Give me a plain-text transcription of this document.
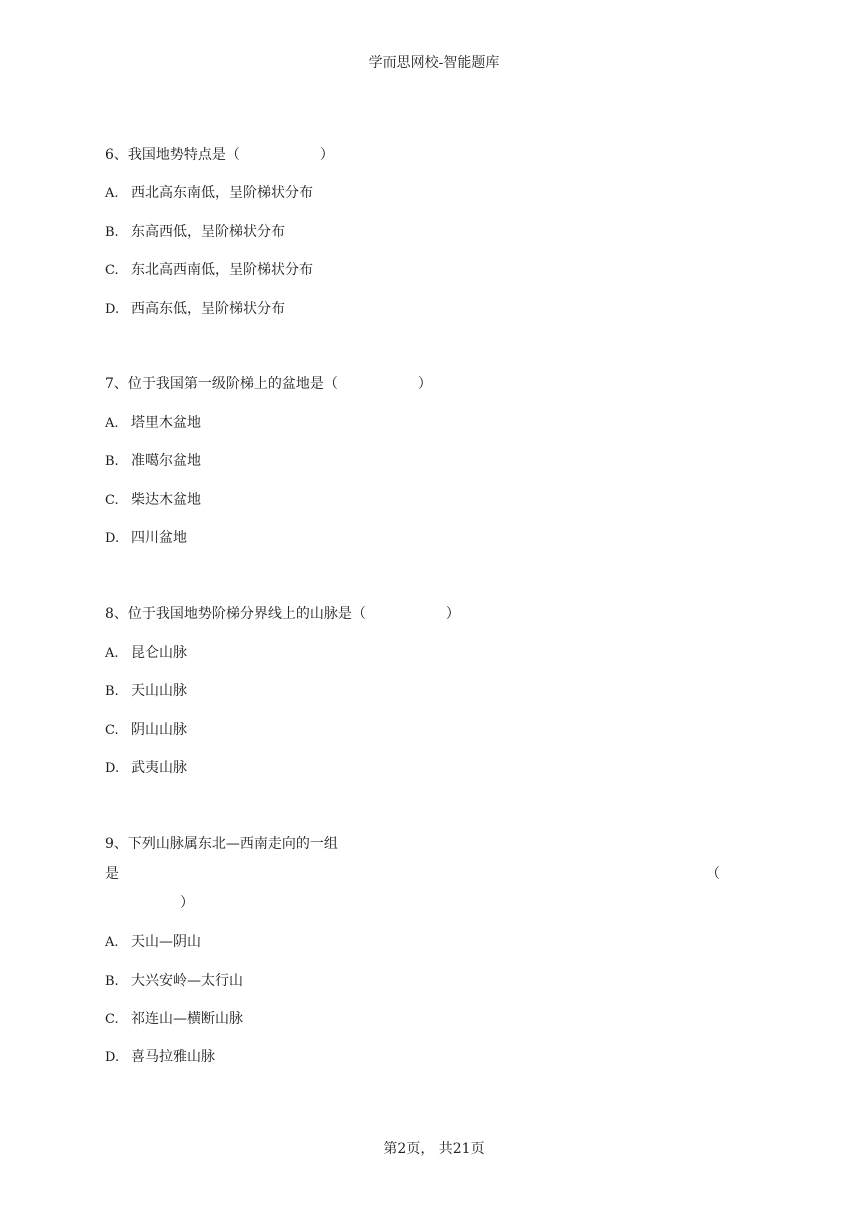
学而思网校-智能题库
6、我国地势特点是（	）
A. 西北高东南低，呈阶梯状分布
B. 东高西低，呈阶梯状分布
C. 东北高西南低，呈阶梯状分布
D. 西高东低，呈阶梯状分布
7、位于我国第一级阶梯上的盆地是（	）
A. 塔里木盆地
B. 准噶尔盆地
C. 柴达木盆地
D. 四川盆地
8、位于我国地势阶梯分界线上的山脉是（	）
A. 昆仑山脉
B. 天山山脉
C. 阴山山脉
D. 武夷山脉
9、下列山脉属东北—西南走向的一组
是	（
）
A. 天山—阴山
B. 大兴安岭—太行山
C. 祁连山—横断山脉
D. 喜马拉雅山脉
第2页， 共21页
